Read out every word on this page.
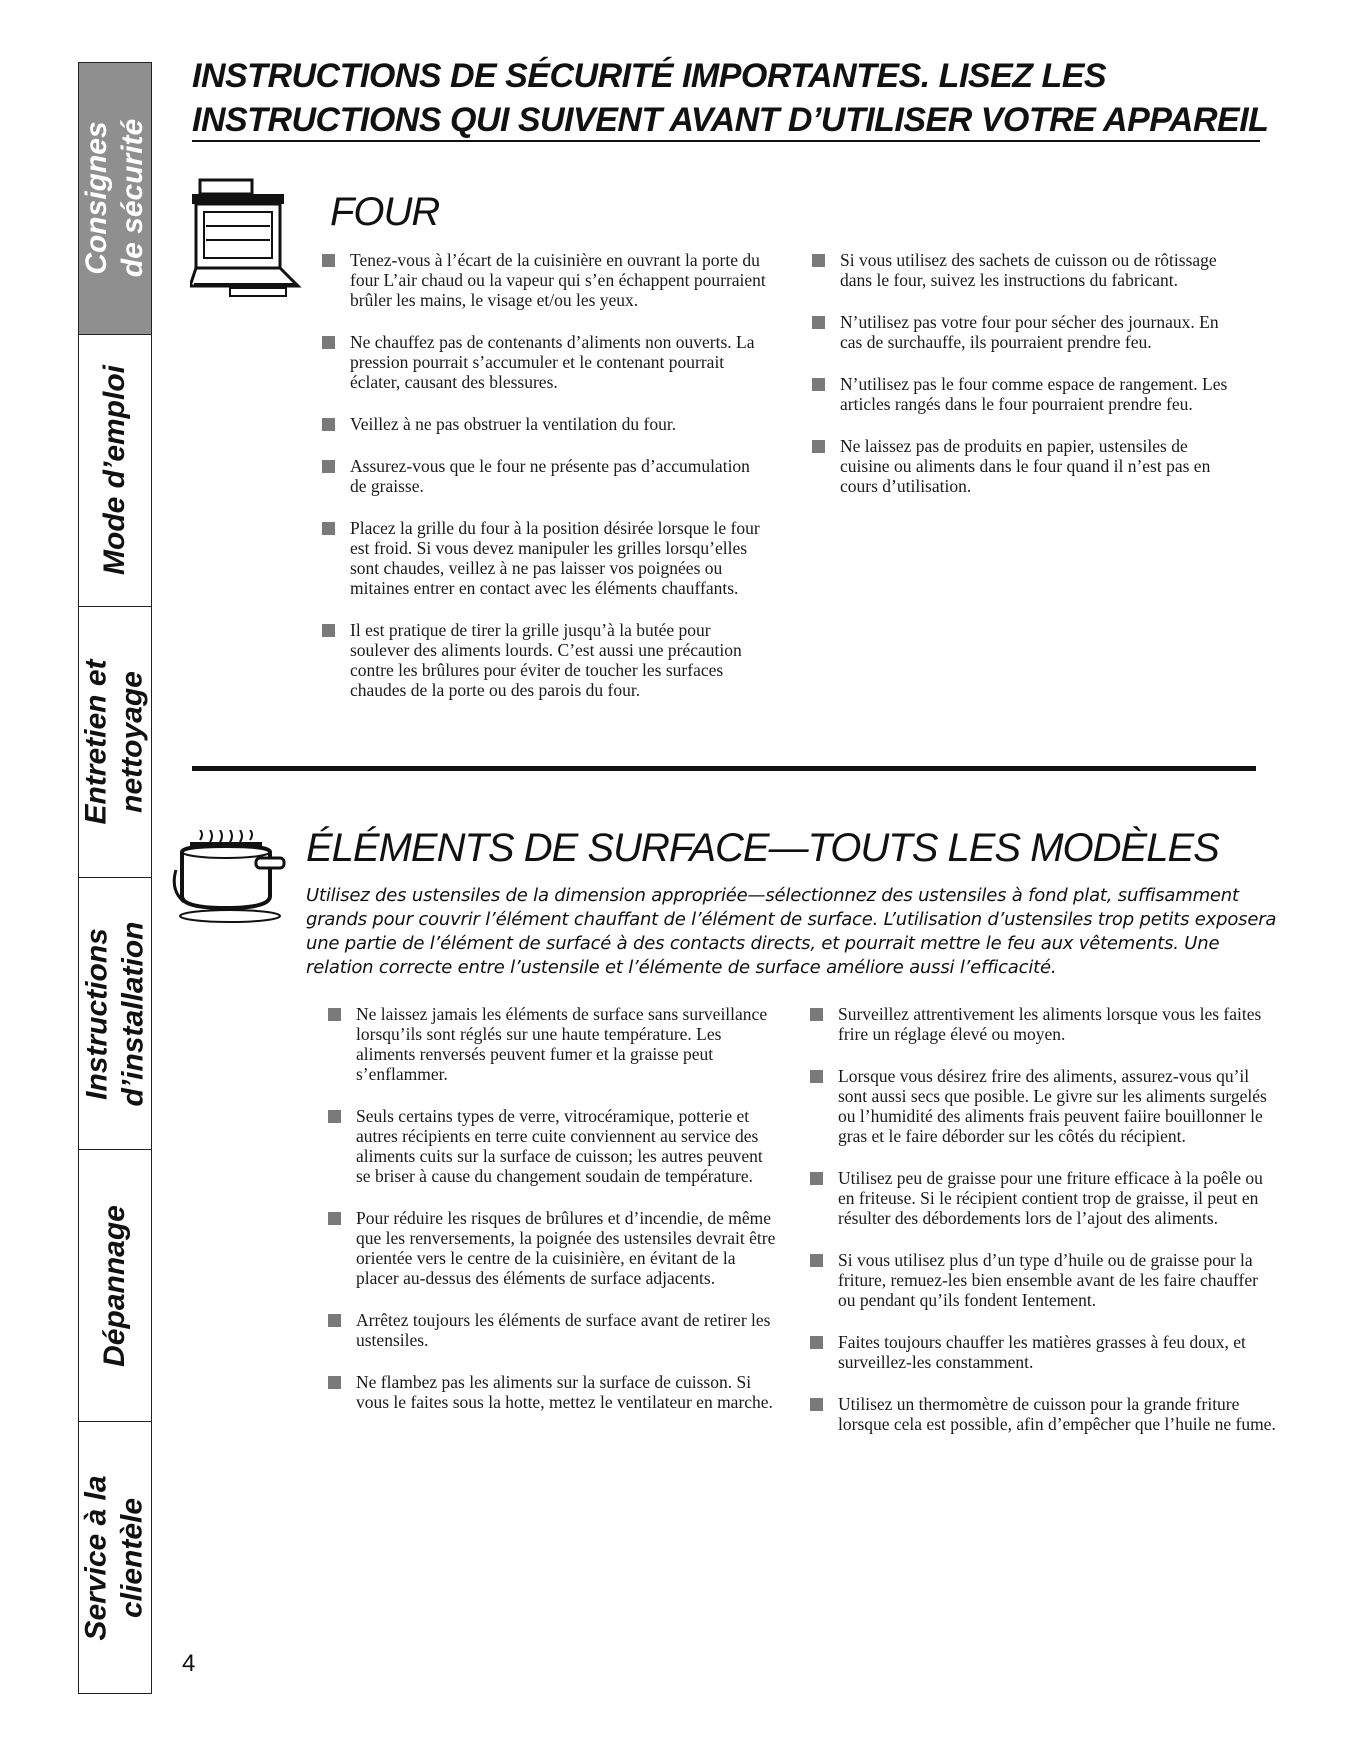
Consignes de sécurité
Mode d’emploi
Entretien et nettoyage
Instructions d’installation
Dépannage
Service à la clientèle
INSTRUCTIONS DE SÉCURITÉ IMPORTANTES. LISEZ LES
INSTRUCTIONS QUI SUIVENT AVANT D’UTILISER VOTRE APPAREIL
FOUR
Tenez-vous à l’écart de la cuisinière en ouvrant la porte du four L’air chaud ou la vapeur qui s’en échappent pourraient brûler les mains, le visage et/ou les yeux.
Ne chauffez pas de contenants d’aliments non ouverts. La pression pourrait s’accumuler et le contenant pourrait éclater, causant des blessures.
Veillez à ne pas obstruer la ventilation du four.
Assurez-vous que le four ne présente pas d’accumulation de graisse.
Placez la grille du four à la position désirée lorsque le four est froid. Si vous devez manipuler les grilles lorsqu’elles sont chaudes, veillez à ne pas laisser vos poignées ou mitaines entrer en contact avec les éléments chauffants.
Il est pratique de tirer la grille jusqu’à la butée pour soulever des aliments lourds. C’est aussi une précaution contre les brûlures pour éviter de toucher les surfaces chaudes de la porte ou des parois du four.
Si vous utilisez des sachets de cuisson ou de rôtissage dans le four, suivez les instructions du fabricant.
N’utilisez pas votre four pour sécher des journaux. En cas de surchauffe, ils pourraient prendre feu.
N’utilisez pas le four comme espace de rangement. Les articles rangés dans le four pourraient prendre feu.
Ne laissez pas de produits en papier, ustensiles de cuisine ou aliments dans le four quand il n’est pas en cours d’utilisation.
ÉLÉMENTS DE SURFACE—TOUTS LES MODÈLES
Utilisez des ustensiles de la dimension appropriée—sélectionnez des ustensiles à fond plat, suffisamment grands pour couvrir l’élément chauffant de l’élément de surface. L’utilisation d’ustensiles trop petits exposera une partie de l’élément de surfacé à des contacts directs, et pourrait mettre le feu aux vêtements. Une relation correcte entre l’ustensile et l’élémente de surface améliore aussi l’efficacité.
Ne laissez jamais les éléments de surface sans surveillance lorsqu’ils sont réglés sur une haute température. Les aliments renversés peuvent fumer et la graisse peut s’enflammer.
Seuls certains types de verre, vitrocéramique, potterie et autres récipients en terre cuite conviennent au service des aliments cuits sur la surface de cuisson; les autres peuvent se briser à cause du changement soudain de température.
Pour réduire les risques de brûlures et d’incendie, de même que les renversements, la poignée des ustensiles devrait être orientée vers le centre de la cuisinière, en évitant de la placer au-dessus des éléments de surface adjacents.
Arrêtez toujours les éléments de surface avant de retirer les ustensiles.
Ne flambez pas les aliments sur la surface de cuisson. Si vous le faites sous la hotte, mettez le ventilateur en marche.
Surveillez attrentivement les aliments lorsque vous les faites frire un réglage élevé ou moyen.
Lorsque vous désirez frire des aliments, assurez-vous qu’il sont aussi secs que posible. Le givre sur les aliments surgelés ou l’humidité des aliments frais peuvent faiire bouillonner le gras et le faire déborder sur les côtés du récipient.
Utilisez peu de graisse pour une friture efficace à la poêle ou en friteuse. Si le récipient contient trop de graisse, il peut en résulter des débordements lors de l’ajout des aliments.
Si vous utilisez plus d’un type d’huile ou de graisse pour la friture, remuez-les bien ensemble avant de les faire chauffer ou pendant qu’ils fondent Ientement.
Faites toujours chauffer les matières grasses à feu doux, et surveillez-les constamment.
Utilisez un thermomètre de cuisson pour la grande friture lorsque cela est possible, afin d’empêcher que l’huile ne fume.
4
